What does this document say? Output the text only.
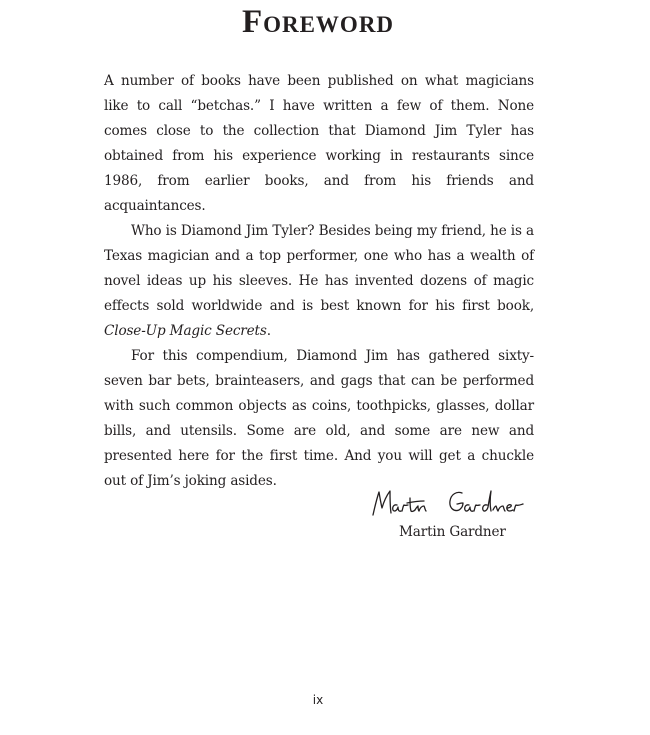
Foreword

A number of books have been published on what magicians like to call “betchas.” I have written a few of them. None comes close to the collection that Diamond Jim Tyler has obtained from his experience working in restaurants since 1986, from earlier books, and from his friends and acquaintances.

Who is Diamond Jim Tyler? Besides being my friend, he is a Texas magician and a top performer, one who has a wealth of novel ideas up his sleeves. He has invented dozens of magic effects sold worldwide and is best known for his first book, Close-Up Magic Secrets.

For this compendium, Diamond Jim has gathered sixty-seven bar bets, brainteasers, and gags that can be performed with such common objects as coins, toothpicks, glasses, dollar bills, and utensils. Some are old, and some are new and presented here for the first time. And you will get a chuckle out of Jim’s joking asides.

Martin Gardner
ix
